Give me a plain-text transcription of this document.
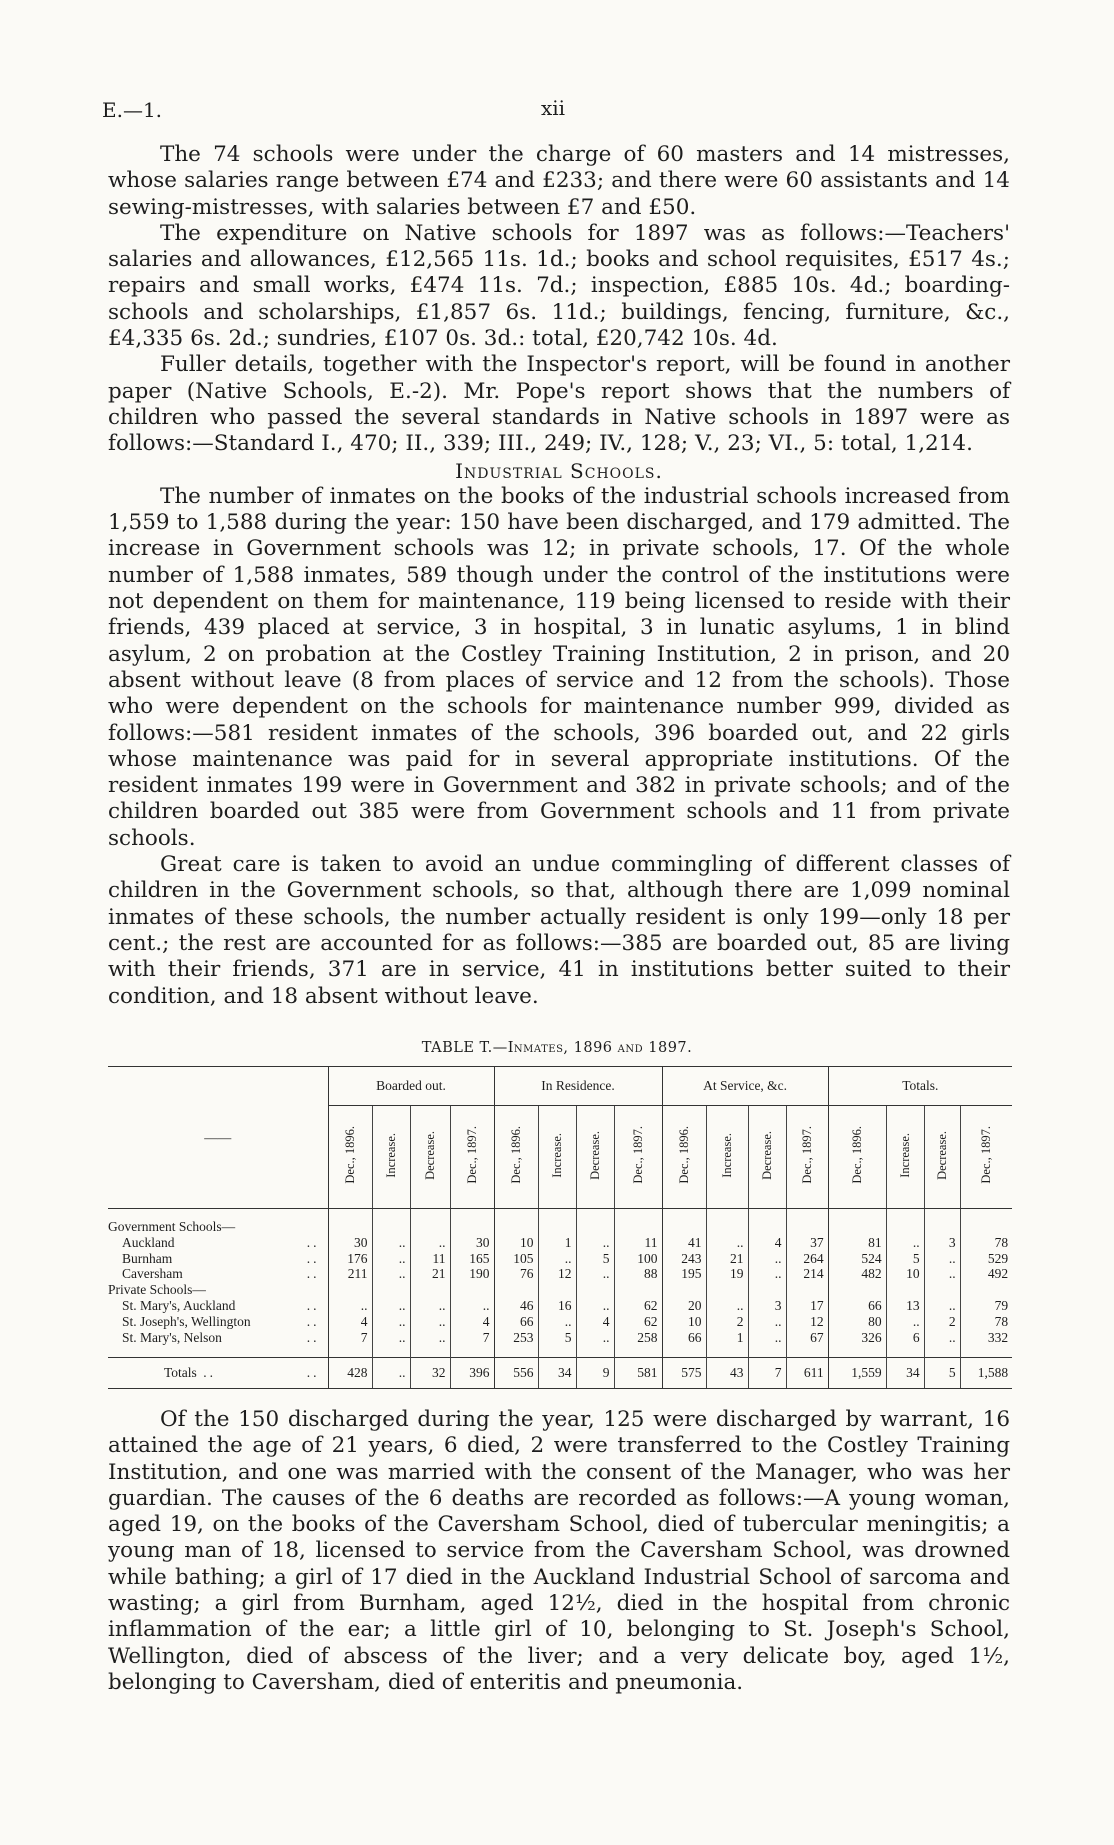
E.—1.	xii

The 74 schools were under the charge of 60 masters and 14 mistresses, whose salaries range between £74 and £233; and there were 60 assistants and 14 sewing-mistresses, with salaries between £7 and £50.

The expenditure on Native schools for 1897 was as follows:—Teachers' salaries and allowances, £12,565 11s. 1d.; books and school requisites, £517 4s.; repairs and small works, £474 11s. 7d.; inspection, £885 10s. 4d.; boarding-schools and scholarships, £1,857 6s. 11d.; buildings, fencing, furniture, &c., £4,335 6s. 2d.; sundries, £107 0s. 3d.: total, £20,742 10s. 4d.

Fuller details, together with the Inspector's report, will be found in another paper (Native Schools, E.-2). Mr. Pope's report shows that the numbers of children who passed the several standards in Native schools in 1897 were as follows:—Standard I., 470; II., 339; III., 249; IV., 128; V., 23; VI., 5: total, 1,214.

Industrial Schools.

The number of inmates on the books of the industrial schools increased from 1,559 to 1,588 during the year: 150 have been discharged, and 179 admitted. The increase in Government schools was 12; in private schools, 17. Of the whole number of 1,588 inmates, 589 though under the control of the institutions were not dependent on them for maintenance, 119 being licensed to reside with their friends, 439 placed at service, 3 in hospital, 3 in lunatic asylums, 1 in blind asylum, 2 on probation at the Costley Training Institution, 2 in prison, and 20 absent without leave (8 from places of service and 12 from the schools). Those who were dependent on the schools for maintenance number 999, divided as follows:—581 resident inmates of the schools, 396 boarded out, and 22 girls whose maintenance was paid for in several appropriate institutions. Of the resident inmates 199 were in Government and 382 in private schools; and of the children boarded out 385 were from Government schools and 11 from private schools.

Great care is taken to avoid an undue commingling of different classes of children in the Government schools, so that, although there are 1,099 nominal inmates of these schools, the number actually resident is only 199—only 18 per cent.; the rest are accounted for as follows:—385 are boarded out, 85 are living with their friends, 371 are in service, 41 in institutions better suited to their condition, and 18 absent without leave.

TABLE T.—Inmates, 1896 and 1897.
——	Boarded out.				In Residence.				At Service, &c.				Totals.			
	Dec., 1896.	Increase.	Decrease.	Dec., 1897.	Dec., 1896.	Increase.	Decrease.	Dec., 1897.	Dec., 1896.	Increase.	Decrease.	Dec., 1897.	Dec., 1896.	Increase.	Decrease.	Dec., 1897.
Government Schools—																

..
Auckland	30	..	..	30	10	1	..	11	41	..	4	37	81	..	3	78

..
Burnham	176	..	11	165	105	..	5	100	243	21	..	264	524	5	..	529

..
Caversham	211	..	21	190	76	12	..	88	195	19	..	214	482	10	..	492
Private Schools—																

..
St. Mary's, Auckland	..	..	..	..	46	16	..	62	20	..	3	17	66	13	..	79

..
St. Joseph's, Wellington	4	..	..	4	66	..	4	62	10	2	..	12	80	..	2	78

..
St. Mary's, Nelson	7	..	..	7	253	5	..	258	66	1	..	67	326	6	..	332

..
Totals ..	428	..	32	396	556	34	9	581	575	43	7	611	1,559	34	5	1,588

Of the 150 discharged during the year, 125 were discharged by warrant, 16 attained the age of 21 years, 6 died, 2 were transferred to the Costley Training Institution, and one was married with the consent of the Manager, who was her guardian. The causes of the 6 deaths are recorded as follows:—A young woman, aged 19, on the books of the Caversham School, died of tubercular meningitis; a young man of 18, licensed to service from the Caversham School, was drowned while bathing; a girl of 17 died in the Auckland Industrial School of sarcoma and wasting; a girl from Burnham, aged 12½, died in the hospital from chronic inflammation of the ear; a little girl of 10, belonging to St. Joseph's School, Wellington, died of abscess of the liver; and a very delicate boy, aged 1½, belonging to Caversham, died of enteritis and pneumonia.
